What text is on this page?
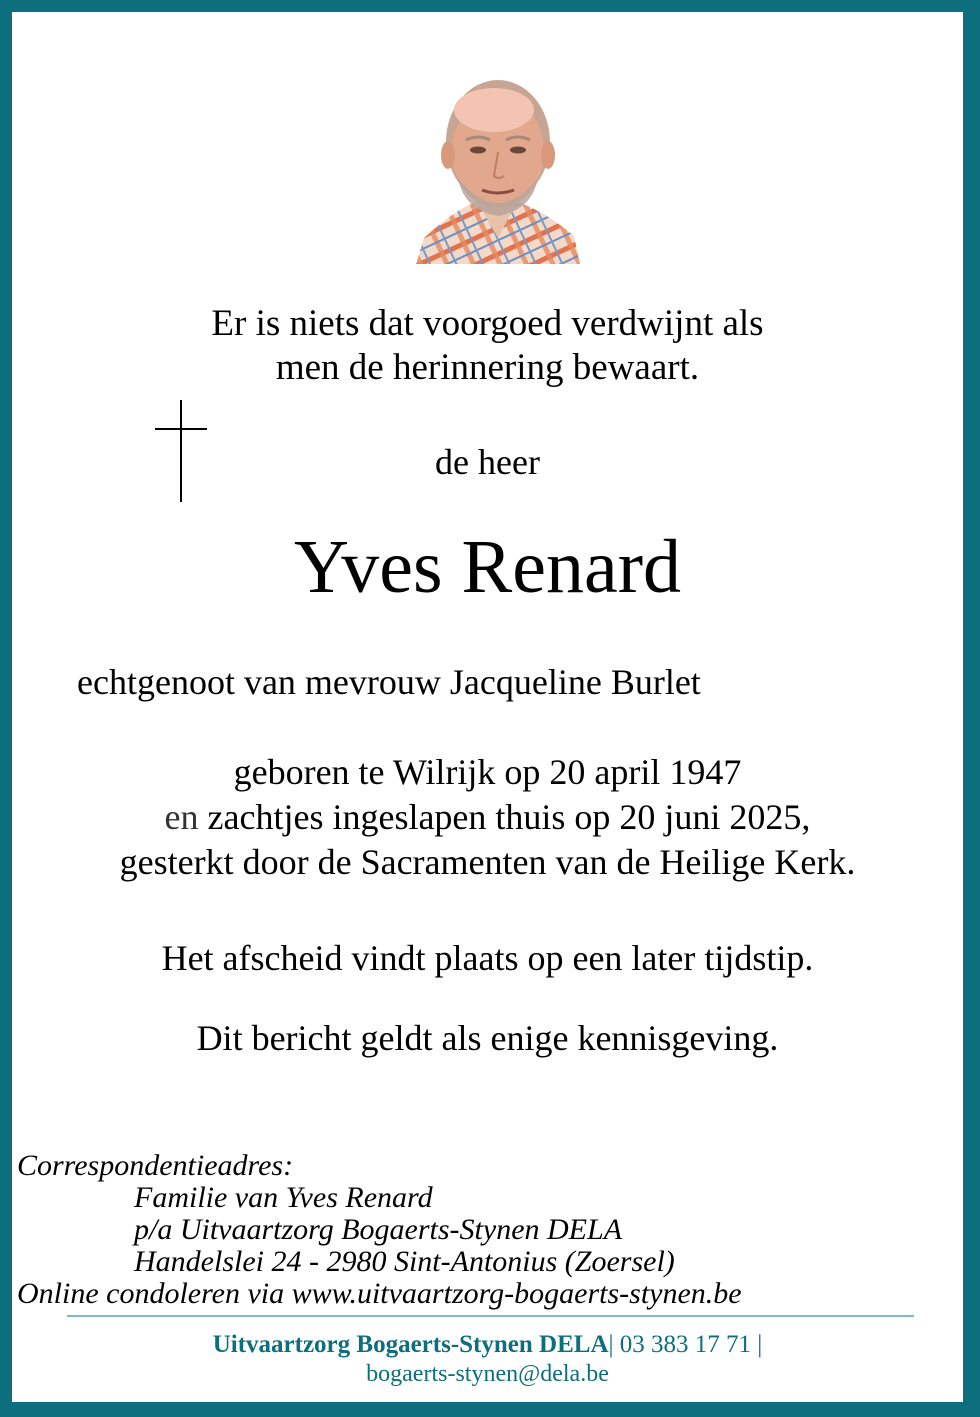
Er is niets dat voorgoed verdwijnt als
men de herinnering bewaart.
de heer
Yves Renard
echtgenoot van mevrouw Jacqueline Burlet
geboren te Wilrijk op 20 april 1947
en zachtjes ingeslapen thuis op 20 juni 2025,
gesterkt door de Sacramenten van de Heilige Kerk.
Het afscheid vindt plaats op een later tijdstip.
Dit bericht geldt als enige kennisgeving.
Correspondentieadres:
Familie van Yves Renard
p/a Uitvaartzorg Bogaerts-Stynen DELA
Handelslei 24 - 2980 Sint-Antonius (Zoersel)
Online condoleren via www.uitvaartzorg-bogaerts-stynen.be
Uitvaartzorg Bogaerts-Stynen DELA| 03 383 17 71 |
bogaerts-stynen@dela.be
